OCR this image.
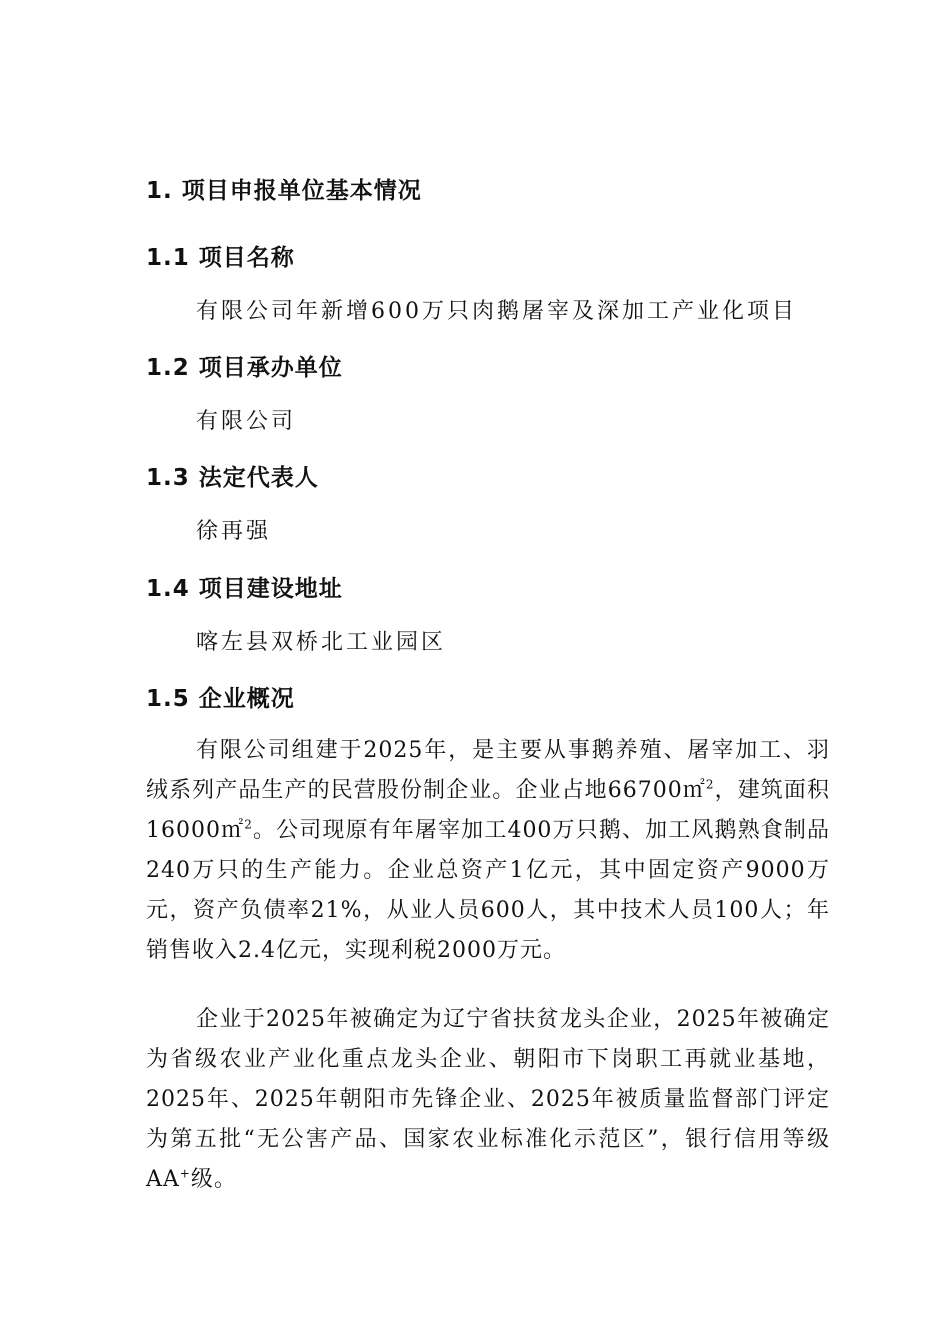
1. 项目申报单位基本情况
1.1 项目名称
有限公司年新增600万只肉鹅屠宰及深加工产业化项目
1.2 项目承办单位
有限公司
1.3 法定代表人
徐再强
1.4 项目建设地址
喀左县双桥北工业园区
1.5 企业概况

有限公司组建于2025年，是主要从事鹅养殖、屠宰加工、羽绒系列产品生产的民营股份制企业。企业占地66700㎡$^2$，建筑面积16000㎡$^2$。公司现原有年屠宰加工400万只鹅、加工风鹅熟食制品240万只的生产能力。企业总资产1亿元，其中固定资产9000万元，资产负债率21%，从业人员600人，其中技术人员100人；年销售收入2.4亿元，实现利税2000万元。

企业于2025年被确定为辽宁省扶贫龙头企业，2025年被确定为省级农业产业化重点龙头企业、朝阳市下岗职工再就业基地，2025年、2025年朝阳市先锋企业、2025年被质量监督部门评定为第五批“无公害产品、国家农业标准化示范区”，银行信用等级AA+级。
